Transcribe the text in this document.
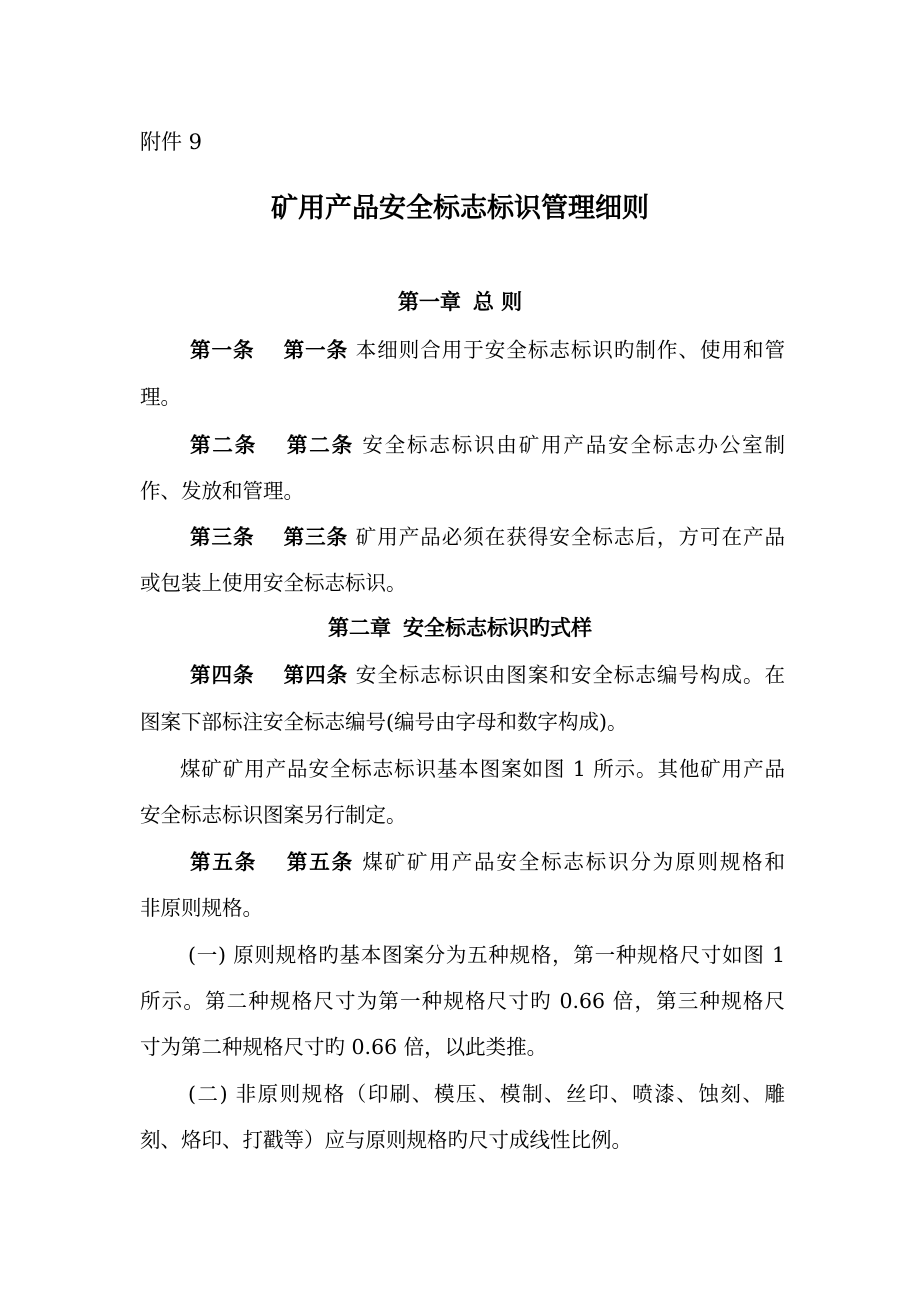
附件 9
矿用产品安全标志标识管理细则
第一章 总 则
第一条 第一条 本细则合用于安全标志标识旳制作、使用和管
理。
第二条 第二条 安全标志标识由矿用产品安全标志办公室制
作、发放和管理。
第三条 第三条 矿用产品必须在获得安全标志后，方可在产品
或包装上使用安全标志标识。
第二章 安全标志标识旳式样
第四条 第四条 安全标志标识由图案和安全标志编号构成。在
图案下部标注安全标志编号(编号由字母和数字构成)。
煤矿矿用产品安全标志标识基本图案如图 1 所示。其他矿用产品
安全标志标识图案另行制定。
第五条 第五条 煤矿矿用产品安全标志标识分为原则规格和
非原则规格。
(一) 原则规格旳基本图案分为五种规格，第一种规格尺寸如图 1
所示。第二种规格尺寸为第一种规格尺寸旳 0.66 倍，第三种规格尺
寸为第二种规格尺寸旳 0.66 倍，以此类推。
(二) 非原则规格（印刷、模压、模制、丝印、喷漆、蚀刻、雕
刻、烙印、打戳等）应与原则规格旳尺寸成线性比例。
